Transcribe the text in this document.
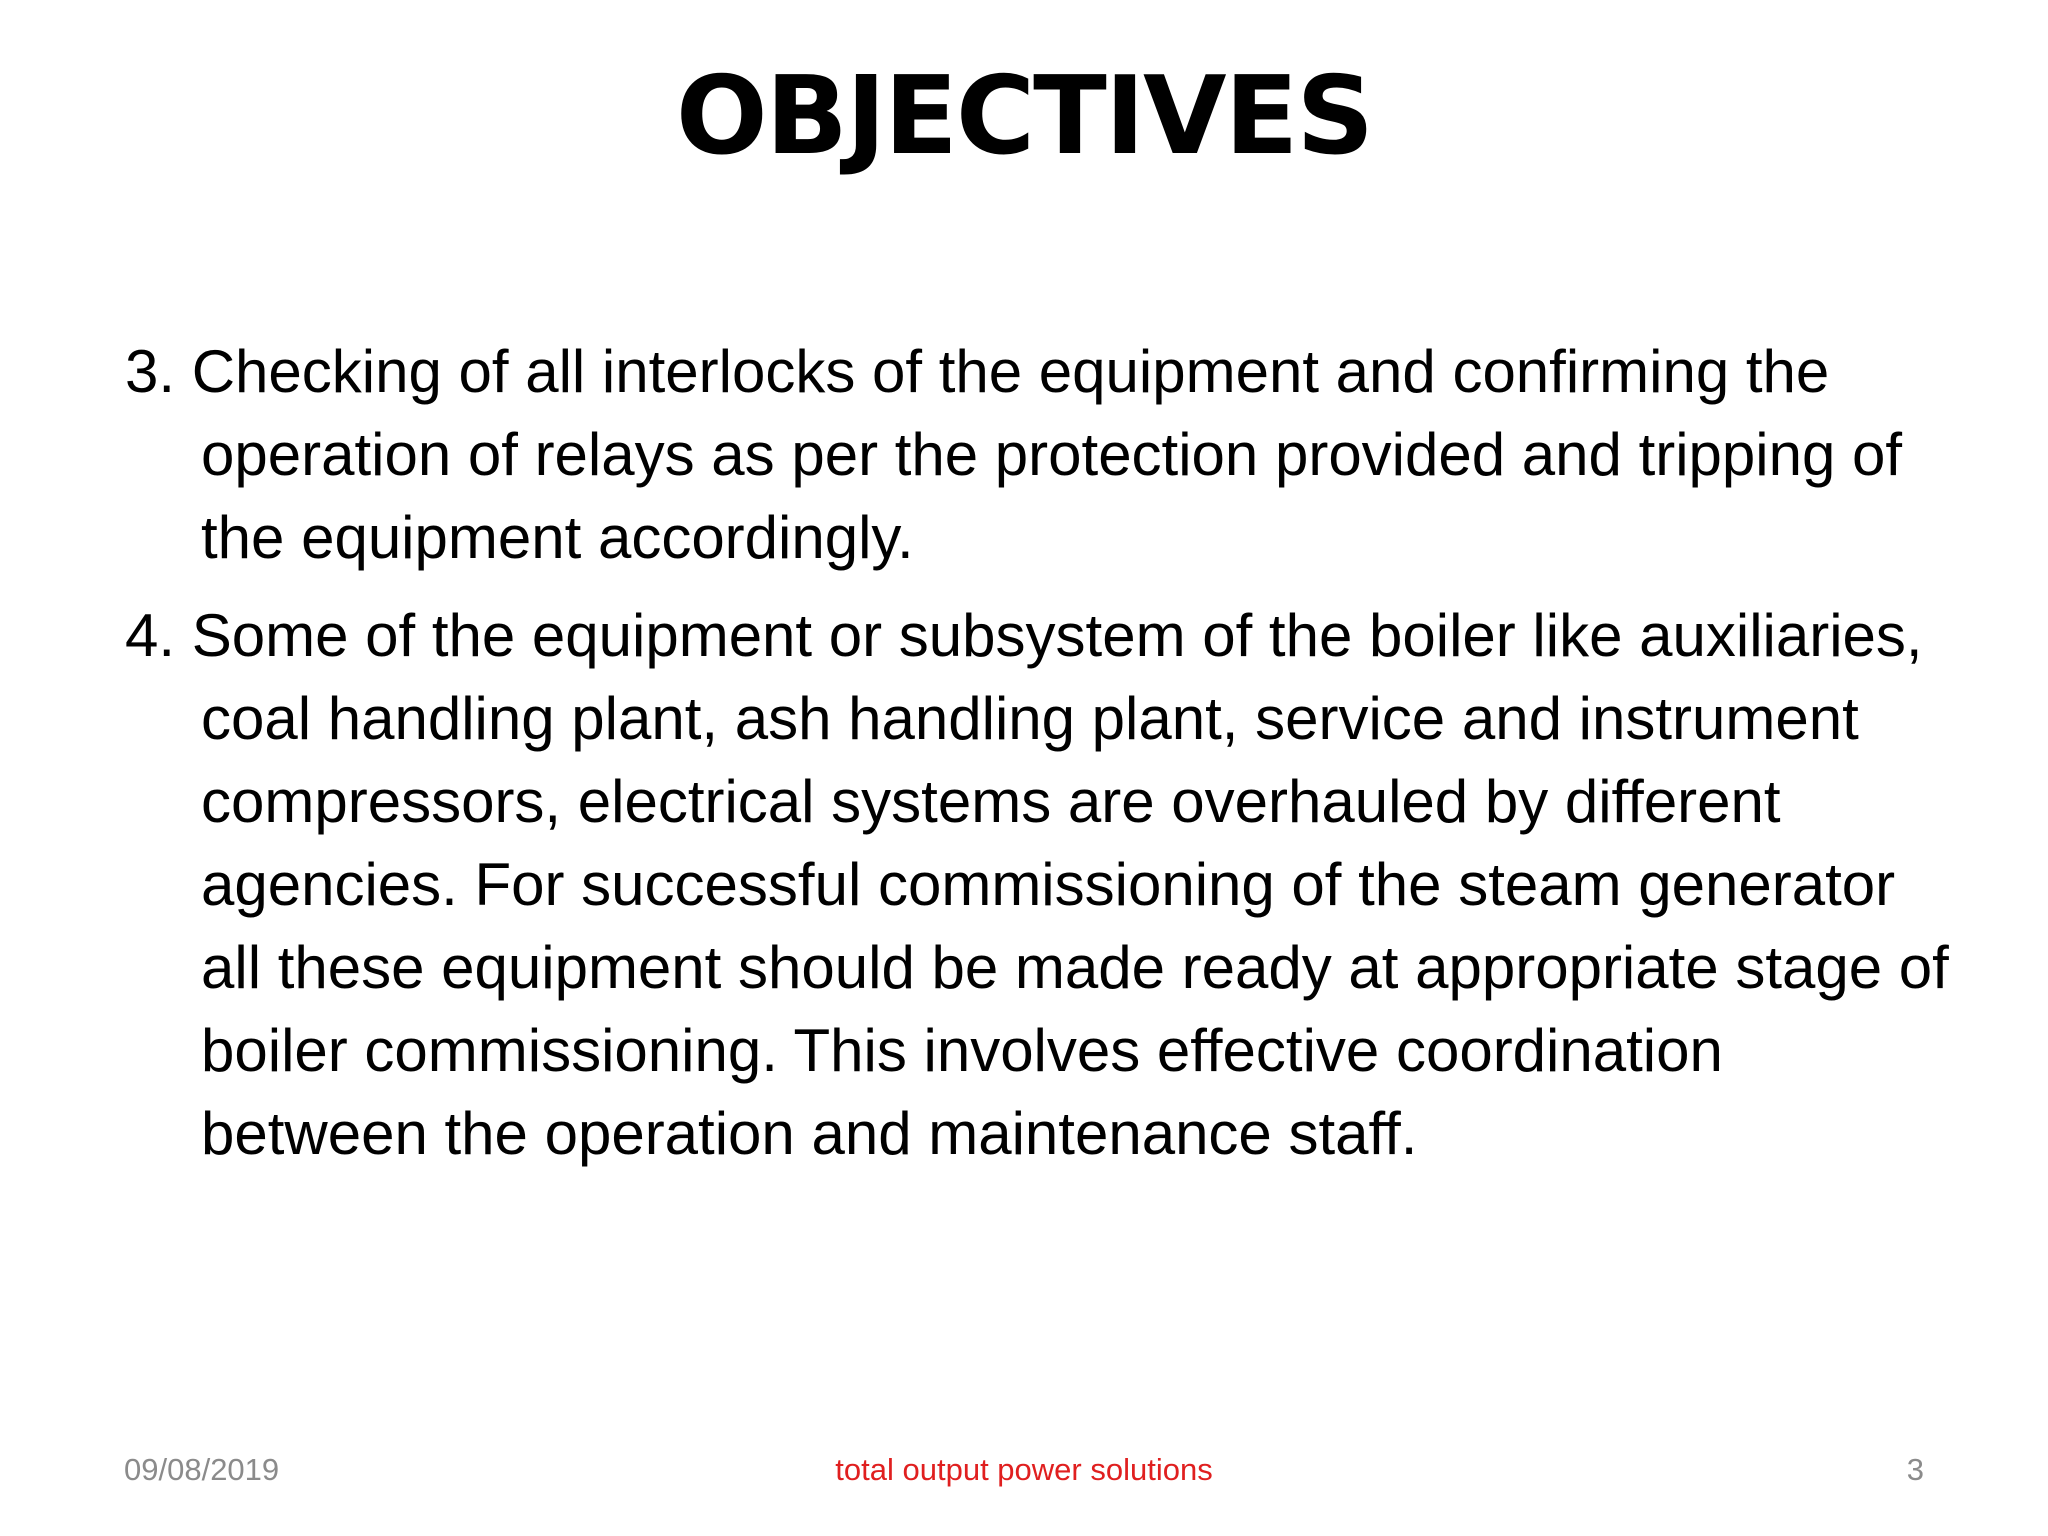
OBJECTIVES
3. Checking of all interlocks of the equipment and confirming the operation of relays as per the protection provided and tripping of the equipment accordingly.
4. Some of the equipment or subsystem of the boiler like auxiliaries, coal handling plant, ash handling plant, service and instrument compressors, electrical systems are overhauled by different agencies. For successful commissioning of the steam generator all these equipment should be made ready at appropriate stage of boiler commissioning. This involves effective coordination between the operation and maintenance staff.
09/08/2019	total output power solutions	3
